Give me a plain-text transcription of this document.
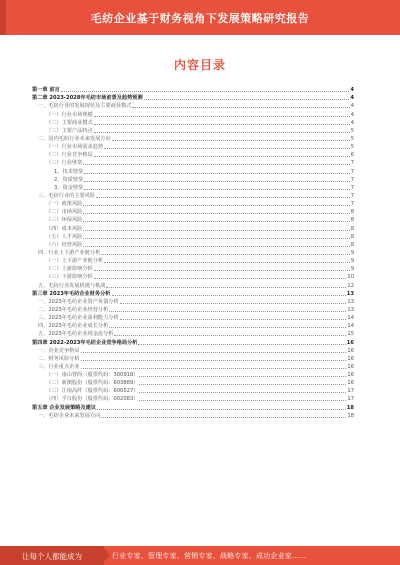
毛纺企业基于财务视角下发展策略研究报告
内容目录
第一章 前言	4
第二章 2023-2028年毛纺市场前景及趋势预测	4
一、毛纺行业的发展现状及主要商业模式	4
（一）行业市场规模	4
（二）主要商业模式	4
（三）主要产品特点	5
二、国内毛纺行业未来发展方向	5
（一）行业市场需求趋势	5
（二）行业竞争格局	6
（三）行业壁垒	7
1、技术壁垒	7
2、资质壁垒	7
3、资金壁垒	7
三、毛纺行业的主要风险	7
（一）政策风险	7
（二）市场风险	8
（三）环保风险	8
（四）成本风险	8
（五）人才风险	8
（六）经营风险	8
四、行业上下游产业链分析	9
（一）上下游产业链分析	9
（二）上游影响分析	9
（三）下游影响分析	10
五、毛纺行业发展机遇与挑战	12
第三章 2023年毛纺企业财务分析	13
一、2023年毛纺企业资产负债分析	13
二、2023年毛纺企业经营分析	13
三、2023年毛纺企业盈利能力分析	14
四、2023年毛纺企业成长分析	14
五、2023年毛纺企业现金流分析	15
第四章 2022-2023年毛纺企业竞争格局分析	16
一、企业竞争格局	16
二、财务风险分析	16
三、行业重点企业	16
（一）南山智尚（股票代码：300918）	16
（二）新澳股份（股票代码：603889）	16
（三）江南高纤（股票代码：600527）	17
（四）孚日股份（股票代码：002083）	17
第五章 企业发展策略及建议	18
一、毛纺企业未来发展方向	18
让每个人都能成为	行业专家、管理专家、营销专家、战略专家、成功企业家……
